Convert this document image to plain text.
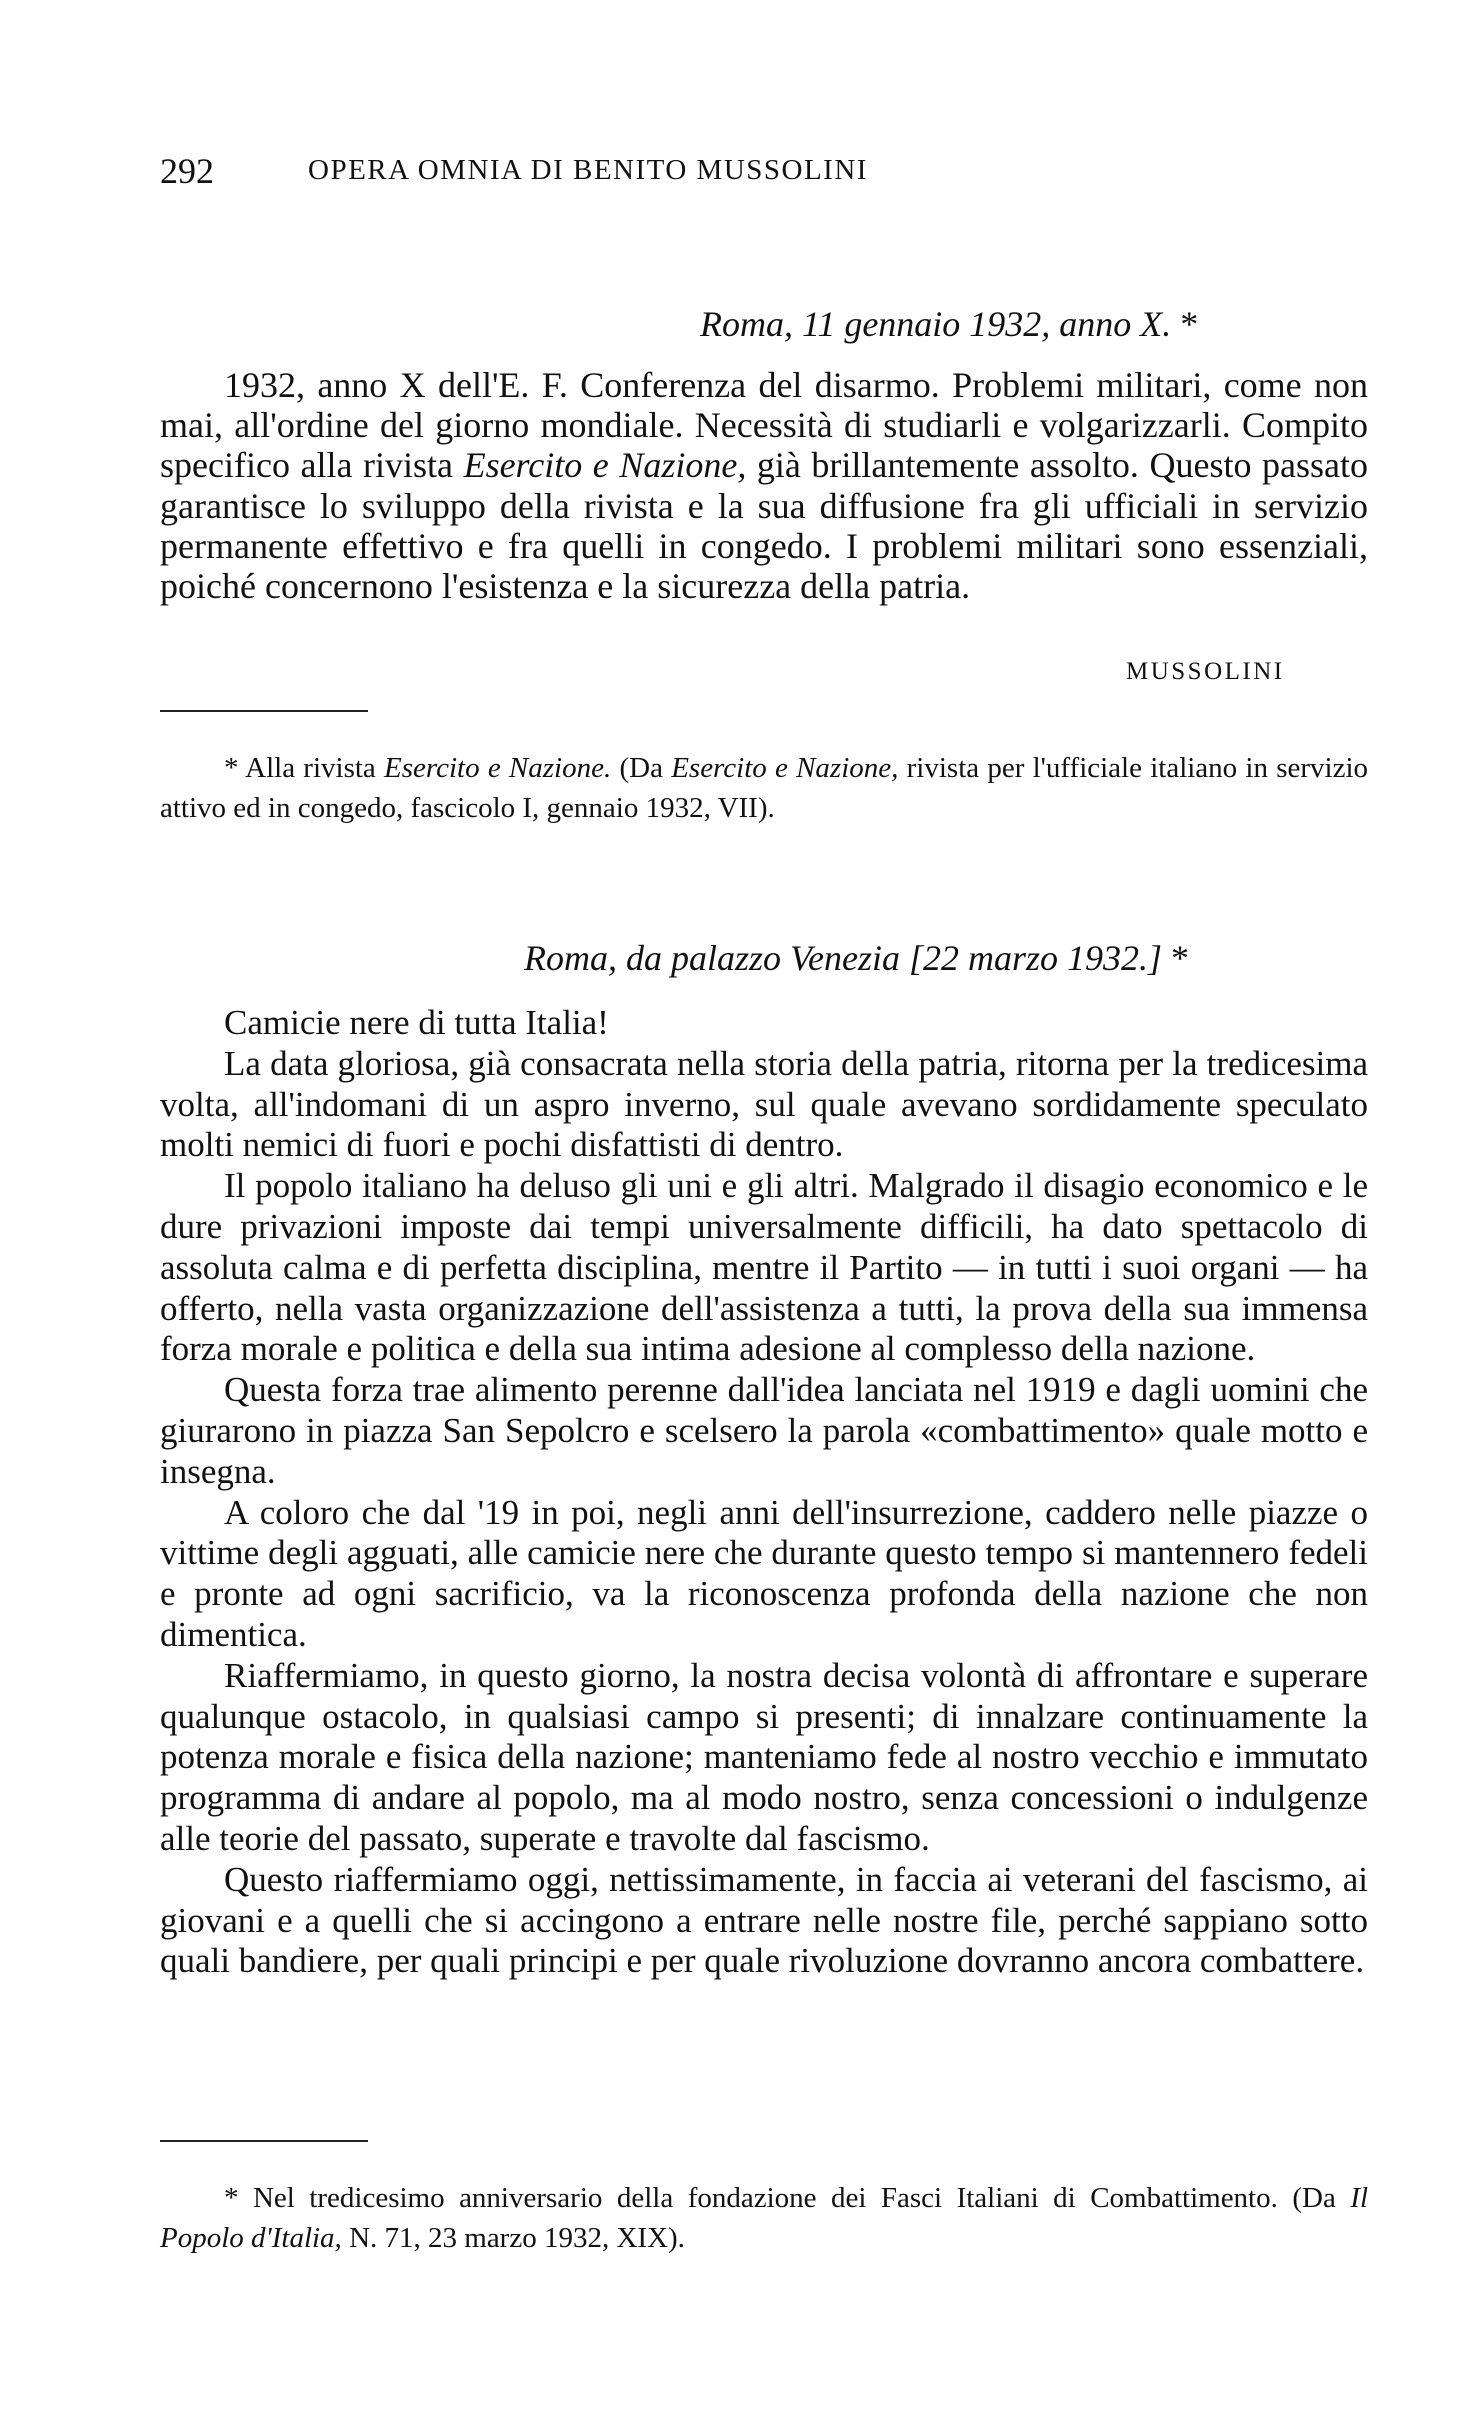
292	OPERA OMNIA DI BENITO MUSSOLINI
Roma, 11 gennaio 1932, anno X. *

1932, anno X dell'E. F. Conferenza del disarmo. Problemi militari, come non mai, all'ordine del giorno mondiale. Necessità di studiarli e volgarizzarli. Compito specifico alla rivista Esercito e Nazione, già brillantemente assolto. Questo passato garantisce lo sviluppo della rivista e la sua diffusione fra gli ufficiali in servizio permanente effettivo e fra quelli in congedo. I problemi militari sono essenziali, poiché concernono l'esistenza e la sicurezza della patria.

MUSSOLINI

* Alla rivista Esercito e Nazione. (Da Esercito e Nazione, rivista per l'ufficiale italiano in servizio attivo ed in congedo, fascicolo I, gennaio 1932, VII).

Roma, da palazzo Venezia [22 marzo 1932.] *

Camicie nere di tutta Italia!

La data gloriosa, già consacrata nella storia della patria, ritorna per la tredicesima volta, all'indomani di un aspro inverno, sul quale avevano sordidamente speculato molti nemici di fuori e pochi disfattisti di dentro.

Il popolo italiano ha deluso gli uni e gli altri. Malgrado il disagio economico e le dure privazioni imposte dai tempi universalmente difficili, ha dato spettacolo di assoluta calma e di perfetta disciplina, mentre il Partito — in tutti i suoi organi — ha offerto, nella vasta organizzazione dell'assistenza a tutti, la prova della sua immensa forza morale e politica e della sua intima adesione al complesso della nazione.

Questa forza trae alimento perenne dall'idea lanciata nel 1919 e dagli uomini che giurarono in piazza San Sepolcro e scelsero la parola «combattimento» quale motto e insegna.

A coloro che dal '19 in poi, negli anni dell'insurrezione, caddero nelle piazze o vittime degli agguati, alle camicie nere che durante questo tempo si mantennero fedeli e pronte ad ogni sacrificio, va la riconoscenza profonda della nazione che non dimentica.

Riaffermiamo, in questo giorno, la nostra decisa volontà di affrontare e superare qualunque ostacolo, in qualsiasi campo si presenti; di innalzare continuamente la potenza morale e fisica della nazione; manteniamo fede al nostro vecchio e immutato programma di andare al popolo, ma al modo nostro, senza concessioni o indulgenze alle teorie del passato, superate e travolte dal fascismo.

Questo riaffermiamo oggi, nettissimamente, in faccia ai veterani del fascismo, ai giovani e a quelli che si accingono a entrare nelle nostre file, perché sappiano sotto quali bandiere, per quali principi e per quale rivoluzione dovranno ancora combattere.

* Nel tredicesimo anniversario della fondazione dei Fasci Italiani di Combattimento. (Da Il Popolo d'Italia, N. 71, 23 marzo 1932, XIX).
